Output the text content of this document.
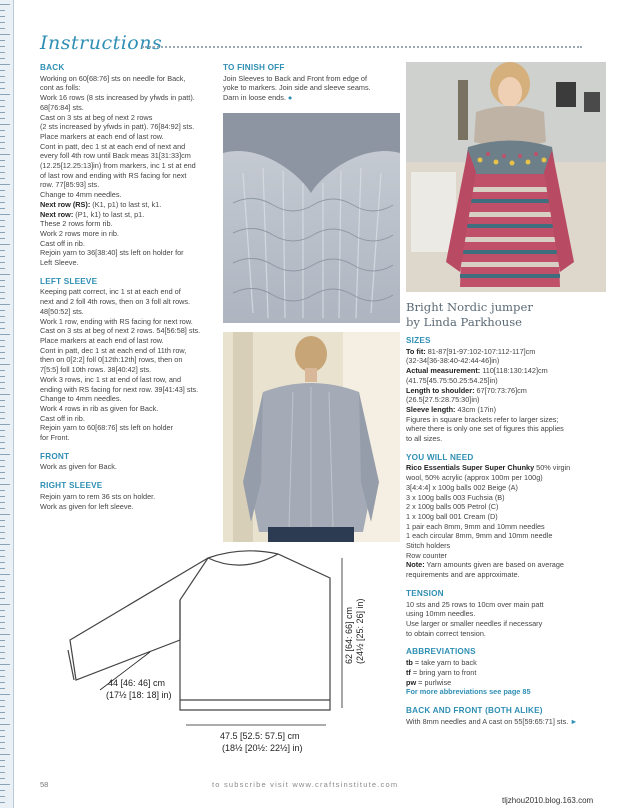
Instructions
BACK

Working on 60[68:76] sts on needle for Back,

cont as folls:

Work 16 rows (8 sts increased by yfwds in patt).

68[76:84] sts.

Cast on 3 sts at beg of next 2 rows

(2 sts increased by yfwds in patt). 76[84:92] sts.

Place markers at each end of last row.

Cont in patt, dec 1 st at each end of next and

every foll 4th row until Back meas 31[31:33]cm

(12.25[12.25:13]in) from markers, inc 1 st at end

of last row and ending with RS facing for next

row. 77[85:93] sts.

Change to 4mm needles.

Next row (RS): (K1, p1) to last st, k1.

Next row: (P1, k1) to last st, p1.

These 2 rows form rib.

Work 2 rows more in rib.

Cast off in rib.

Rejoin yarn to 36[38:40] sts left on holder for

Left Sleeve.

LEFT SLEEVE

Keeping patt correct, inc 1 st at each end of

next and 2 foll 4th rows, then on 3 foll alt rows.

48[50:52] sts.

Work 1 row, ending with RS facing for next row.

Cast on 3 sts at beg of next 2 rows. 54[56:58] sts.

Place markers at each end of last row.

Cont in patt, dec 1 st at each end of 11th row,

then on 0[2:2] foll 0[12th:12th] rows, then on

7[5:5] foll 10th rows. 38[40:42] sts.

Work 3 rows, inc 1 st at end of last row, and

ending with RS facing for next row. 39[41:43] sts.

Change to 4mm needles.

Work 4 rows in rib as given for Back.

Cast off in rib.

Rejoin yarn to 60[68:76] sts left on holder

for Front.

FRONT

Work as given for Back.

RIGHT SLEEVE

Rejoin yarn to rem 36 sts on holder.

Work as given for left sleeve.

TO FINISH OFF

Join Sleeves to Back and Front from edge of

yoke to markers. Join side and sleeve seams.

Darn in loose ends. ●

Bright Nordic jumper

by Linda Parkhouse

SIZES

To fit: 81-87[91-97:102-107:112-117]cm

(32-34[36-38:40-42:44-46]in)

Actual measurement: 110[118:130:142]cm

(41.75[45.75:50.25:54.25]in)

Length to shoulder: 67[70:73:76]cm

(26.5[27.5:28.75:30]in)

Sleeve length: 43cm (17in)

Figures in square brackets refer to larger sizes;

where there is only one set of figures this applies

to all sizes.

YOU WILL NEED

Rico Essentials Super Super Chunky 50% virgin

wool, 50% acrylic (approx 100m per 100g)

3[4:4:4] x 100g balls 002 Beige (A)

3 x 100g balls 003 Fuchsia (B)

2 x 100g balls 005 Petrol (C)

1 x 100g ball 001 Cream (D)

1 pair each 8mm, 9mm and 10mm needles

1 each circular 8mm, 9mm and 10mm needle

Stitch holders

Row counter

Note: Yarn amounts given are based on average

requirements and are approximate.

TENSION

10 sts and 25 rows to 10cm over main patt

using 10mm needles.

Use larger or smaller needles if necessary

to obtain correct tension.

ABBREVIATIONS

tb = take yarn to back

tf = bring yarn to front

pw = purlwise

For more abbreviations see page 85

BACK AND FRONT (BOTH ALIKE)

With 8mm needles and A cast on 55[59:65:71] sts. ►

44 [46: 46] cm
(17½ [18: 18] in)
47.5 [52.5: 57.5] cm
(18½ [20½: 22½] in)
62 [64: 66] cm (24½ [25: 26] in)
58	to subscribe visit www.craftsinstitute.com
tljzhou2010.blog.163.com
